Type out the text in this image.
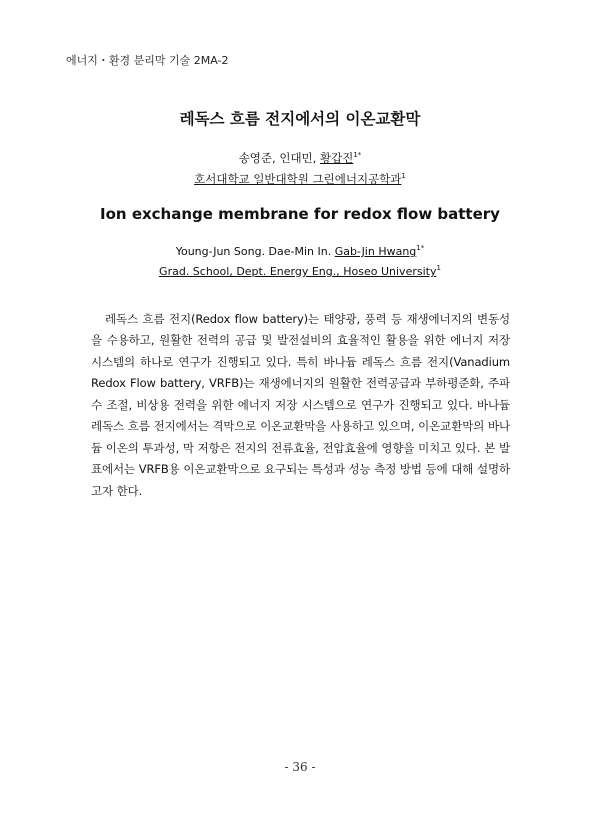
에너지・환경 분리막 기술 2MA-2
레독스 흐름 전지에서의 이온교환막
송영준, 인대민, 황갑진$^{1*}$
호서대학교 일반대학원 그린에너지공학과$^1$
Ion exchange membrane for redox flow battery
Young-Jun Song. Dae-Min In. Gab-Jin Hwang$^{1*}$
Grad. School, Dept. Energy Eng., Hoseo University$^1$

레독스 흐름 전지(Redox flow battery)는 태양광, 풍력 등 재생에너지의 변동성을 수용하고, 원활한 전력의 공급 및 발전설비의 효율적인 활용을 위한 에너지 저장 시스템의 하나로 연구가 진행되고 있다. 특히 바나듐 레독스 흐름 전지(Vanadium Redox Flow battery, VRFB)는 재생에너지의 원활한 전력공급과 부하평준화, 주파수 조절, 비상용 전력을 위한 에너지 저장 시스템으로 연구가 진행되고 있다. 바나듐 레독스 흐름 전지에서는 격막으로 이온교환막을 사용하고 있으며, 이온교환막의 바나듐 이온의 투과성, 막 저항은 전지의 전류효율, 전압효율에 영향을 미치고 있다. 본 발표에서는 VRFB용 이온교환막으로 요구되는 특성과 성능 측정 방법 등에 대해 설명하고자 한다.

- 36 -
